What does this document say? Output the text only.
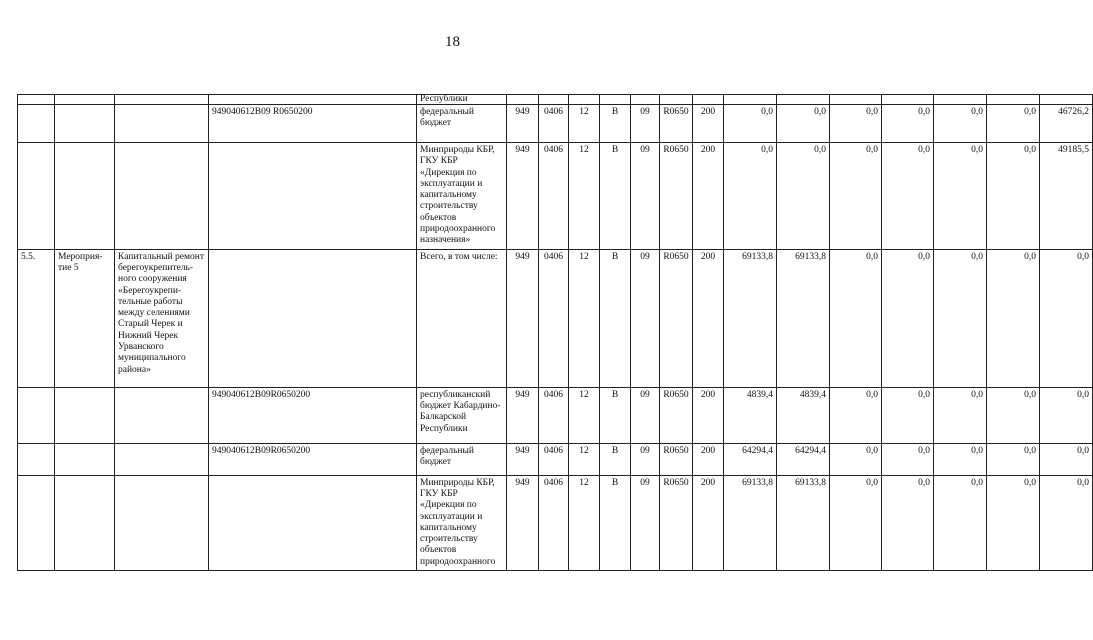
18
				Республики														
			949040612В09 R0650200	федеральный бюджет	949	0406	12	В	09	R0650	200	0,0	0,0	0,0	0,0	0,0	0,0	46726,2
				Минприроды КБР, ГКУ КБР «Дирекция по эксплуатации и капитальному строительству объектов природоохранного назначения»	949	0406	12	В	09	R0650	200	0,0	0,0	0,0	0,0	0,0	0,0	49185,5
5.5.	Мероприя-тие 5	Капитальный ремонт берегоукрепитель-ного сооружения «Берегоукрепи-тельные работы между селениями Старый Черек и Нижний Черек Урванского муниципального района»		Всего, в том числе:	949	0406	12	В	09	R0650	200	69133,8	69133,8	0,0	0,0	0,0	0,0	0,0
			949040612В09R0650200	республиканский бюджет Кабардино-Балкарской Республики	949	0406	12	В	09	R0650	200	4839,4	4839,4	0,0	0,0	0,0	0,0	0,0
			949040612В09R0650200	федеральный бюджет	949	0406	12	В	09	R0650	200	64294,4	64294,4	0,0	0,0	0,0	0,0	0,0
				Минприроды КБР, ГКУ КБР «Дирекция по эксплуатации и капитальному строительству объектов природоохранного	949	0406	12	В	09	R0650	200	69133,8	69133,8	0,0	0,0	0,0	0,0	0,0
